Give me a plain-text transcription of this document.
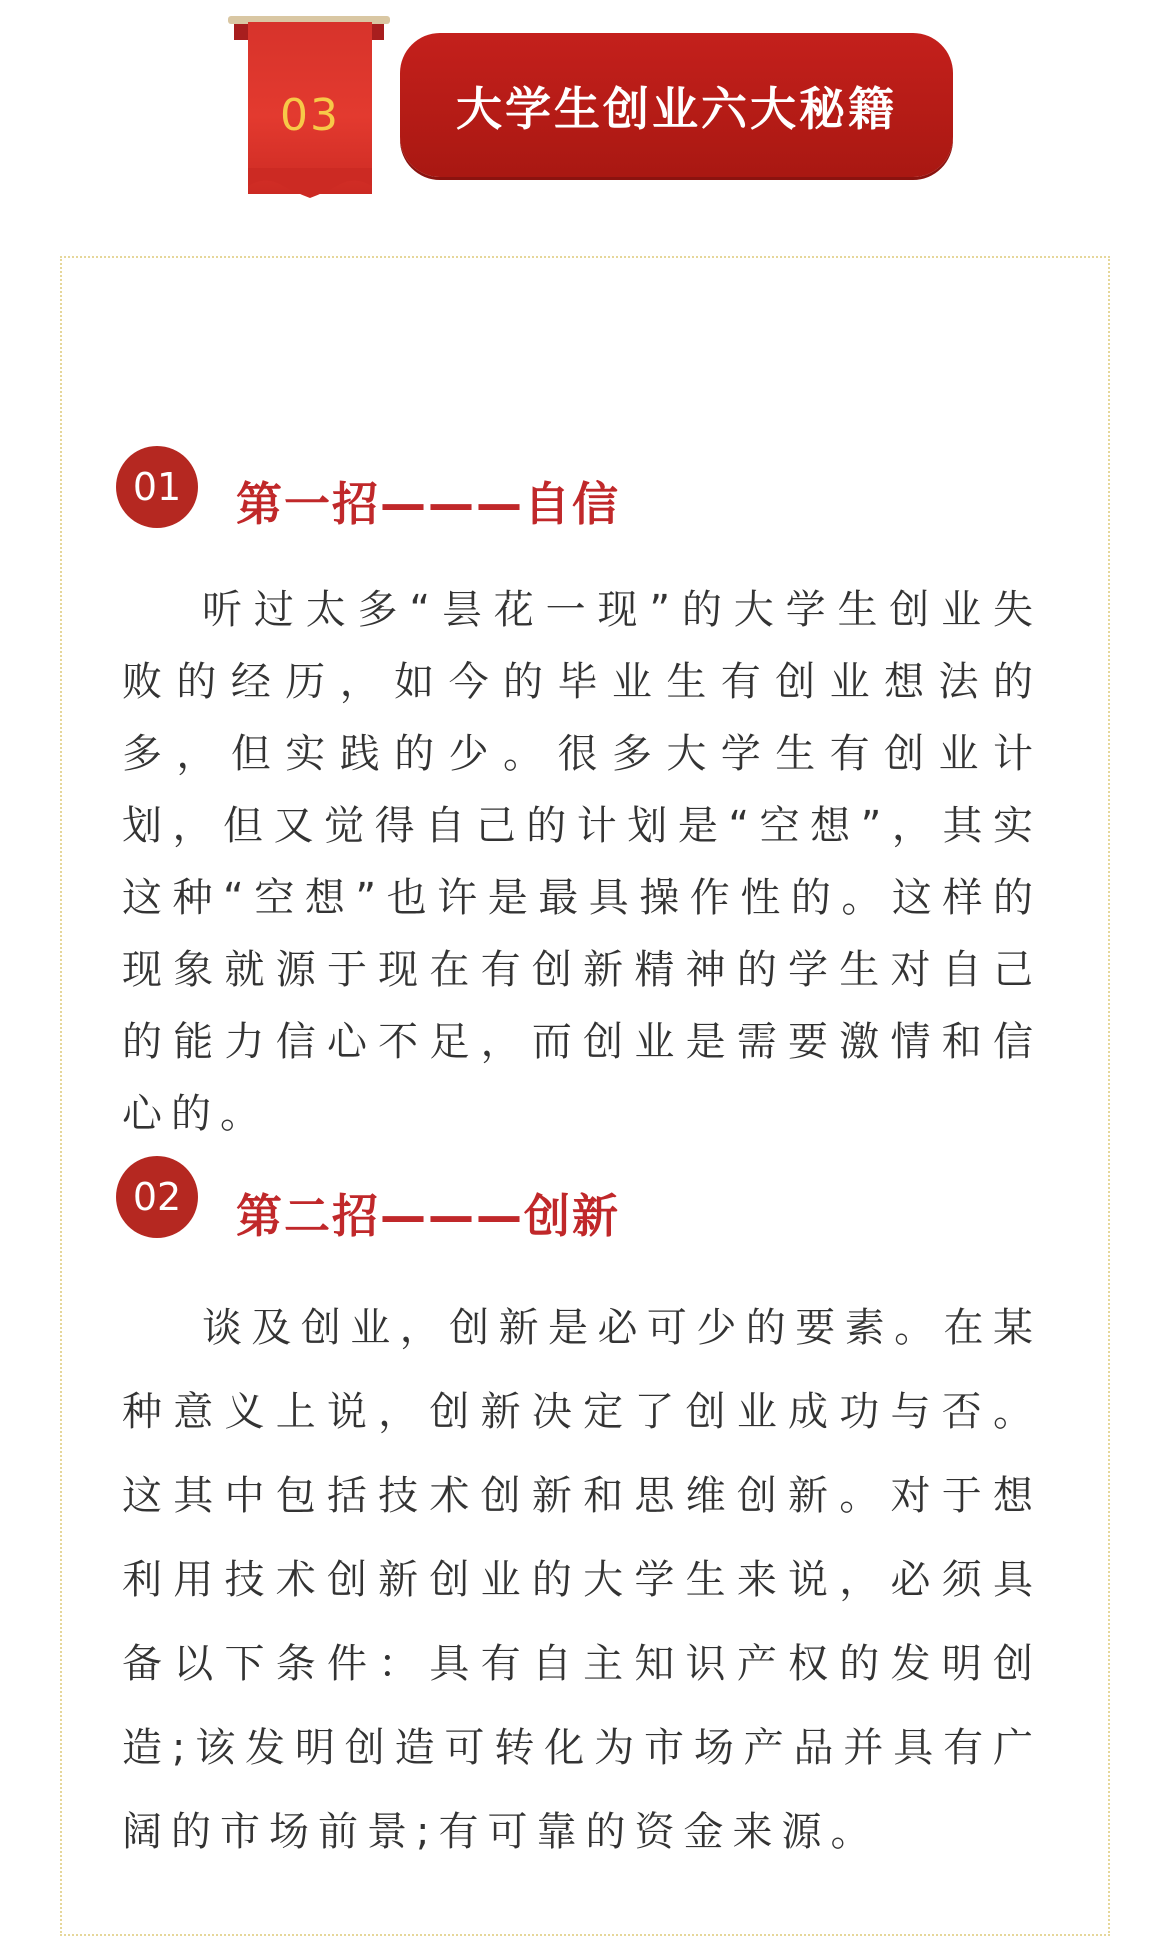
03	大学生创业六大秘籍
01	第一招———自信
听过太多“昙花一现”的大学生创业失败的经历，如今的毕业生有创业想法的多，但实践的少。很多大学生有创业计划，但又觉得自己的计划是“空想”，其实这种“空想”也许是最具操作性的。这样的现象就源于现在有创新精神的学生对自己的能力信心不足，而创业是需要激情和信心的。
02	第二招———创新
谈及创业，创新是必可少的要素。在某种意义上说，创新决定了创业成功与否。这其中包括技术创新和思维创新。对于想利用技术创新创业的大学生来说，必须具备以下条件：具有自主知识产权的发明创造;该发明创造可转化为市场产品并具有广阔的市场前景;有可靠的资金来源。
